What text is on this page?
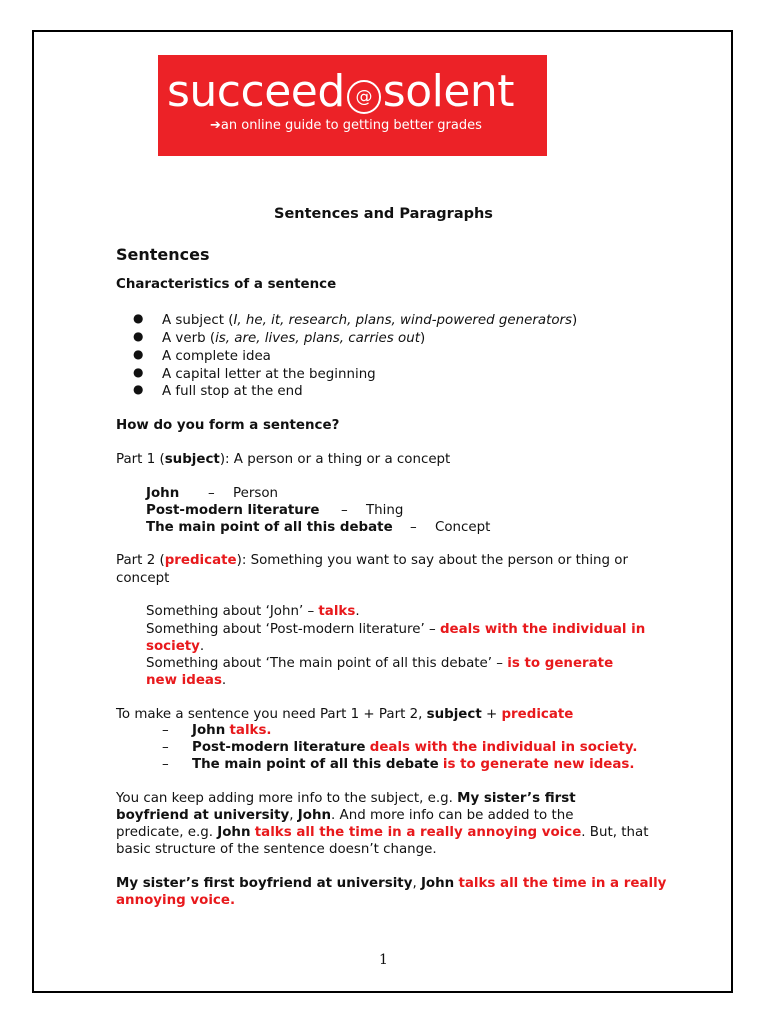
succeed @ solent
➔an online guide to getting better grades
Sentences and Paragraphs
Sentences
Characteristics of a sentence
● A subject (I, he, it, research, plans, wind-powered generators)
● A verb (is, are, lives, plans, carries out)
● A complete idea
● A capital letter at the beginning
● A full stop at the end
How do you form a sentence?
Part 1 (subject): A person or a thing or a concept
John – Person
Post-modern literature – Thing
The main point of all this debate – Concept
Part 2 (predicate): Something you want to say about the person or thing or
concept
Something about ‘John’ – talks.
Something about ‘Post-modern literature’ – deals with the individual in
society.
Something about ‘The main point of all this debate’ – is to generate
new ideas.
To make a sentence you need Part 1 + Part 2, subject + predicate
– John talks.
– Post-modern literature deals with the individual in society.
– The main point of all this debate is to generate new ideas.
You can keep adding more info to the subject, e.g. My sister’s first
boyfriend at university, John. And more info can be added to the
predicate, e.g. John talks all the time in a really annoying voice. But, that
basic structure of the sentence doesn’t change.
My sister’s first boyfriend at university, John talks all the time in a really
annoying voice.
1
